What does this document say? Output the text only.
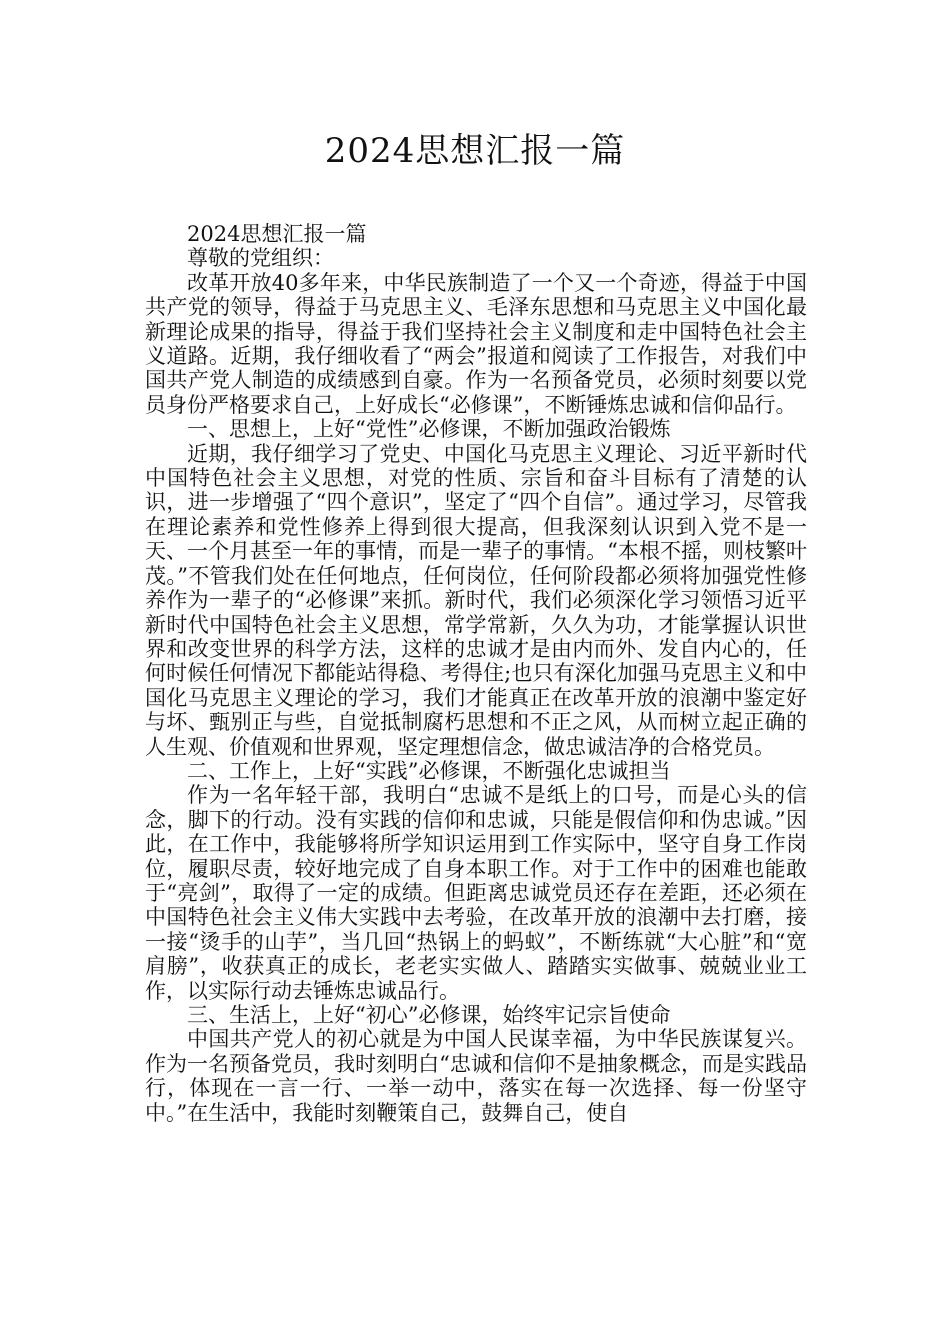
2024思想汇报一篇

2024思想汇报一篇

尊敬的党组织：

改革开放40多年来，中华民族制造了一个又一个奇迹，得益于中国共产党的领导，得益于马克思主义、毛泽东思想和马克思主义中国化最新理论成果的指导，得益于我们坚持社会主义制度和走中国特色社会主义道路。近期，我仔细收看了“两会”报道和阅读了工作报告，对我们中国共产党人制造的成绩感到自豪。作为一名预备党员，必须时刻要以党员身份严格要求自己，上好成长“必修课”，不断锤炼忠诚和信仰品行。

一、思想上，上好“党性”必修课，不断加强政治锻炼

近期，我仔细学习了党史、中国化马克思主义理论、习近平新时代中国特色社会主义思想，对党的性质、宗旨和奋斗目标有了清楚的认识，进一步增强了“四个意识”，坚定了“四个自信”。通过学习，尽管我在理论素养和党性修养上得到很大提高，但我深刻认识到入党不是一天、一个月甚至一年的事情，而是一辈子的事情。“本根不摇，则枝繁叶茂。”不管我们处在任何地点，任何岗位，任何阶段都必须将加强党性修养作为一辈子的“必修课”来抓。新时代，我们必须深化学习领悟习近平新时代中国特色社会主义思想，常学常新，久久为功，才能掌握认识世界和改变世界的科学方法，这样的忠诚才是由内而外、发自内心的，任何时候任何情况下都能站得稳、考得住;也只有深化加强马克思主义和中国化马克思主义理论的学习，我们才能真正在改革开放的浪潮中鉴定好与坏、甄别正与些，自觉抵制腐朽思想和不正之风，从而树立起正确的人生观、价值观和世界观，坚定理想信念，做忠诚洁净的合格党员。

二、工作上，上好“实践”必修课，不断强化忠诚担当

作为一名年轻干部，我明白“忠诚不是纸上的口号，而是心头的信念，脚下的行动。没有实践的信仰和忠诚，只能是假信仰和伪忠诚。”因此，在工作中，我能够将所学知识运用到工作实际中，坚守自身工作岗位，履职尽责，较好地完成了自身本职工作。对于工作中的困难也能敢于“亮剑”，取得了一定的成绩。但距离忠诚党员还存在差距，还必须在中国特色社会主义伟大实践中去考验，在改革开放的浪潮中去打磨，接一接“烫手的山芋”，当几回“热锅上的蚂蚁”，不断练就“大心脏”和“宽肩膀”，收获真正的成长，老老实实做人、踏踏实实做事、兢兢业业工作，以实际行动去锤炼忠诚品行。

三、生活上，上好“初心”必修课，始终牢记宗旨使命

中国共产党人的初心就是为中国人民谋幸福，为中华民族谋复兴。作为一名预备党员，我时刻明白“忠诚和信仰不是抽象概念，而是实践品行，体现在一言一行、一举一动中，落实在每一次选择、每一份坚守中。”在生活中，我能时刻鞭策自己，鼓舞自己，使自
